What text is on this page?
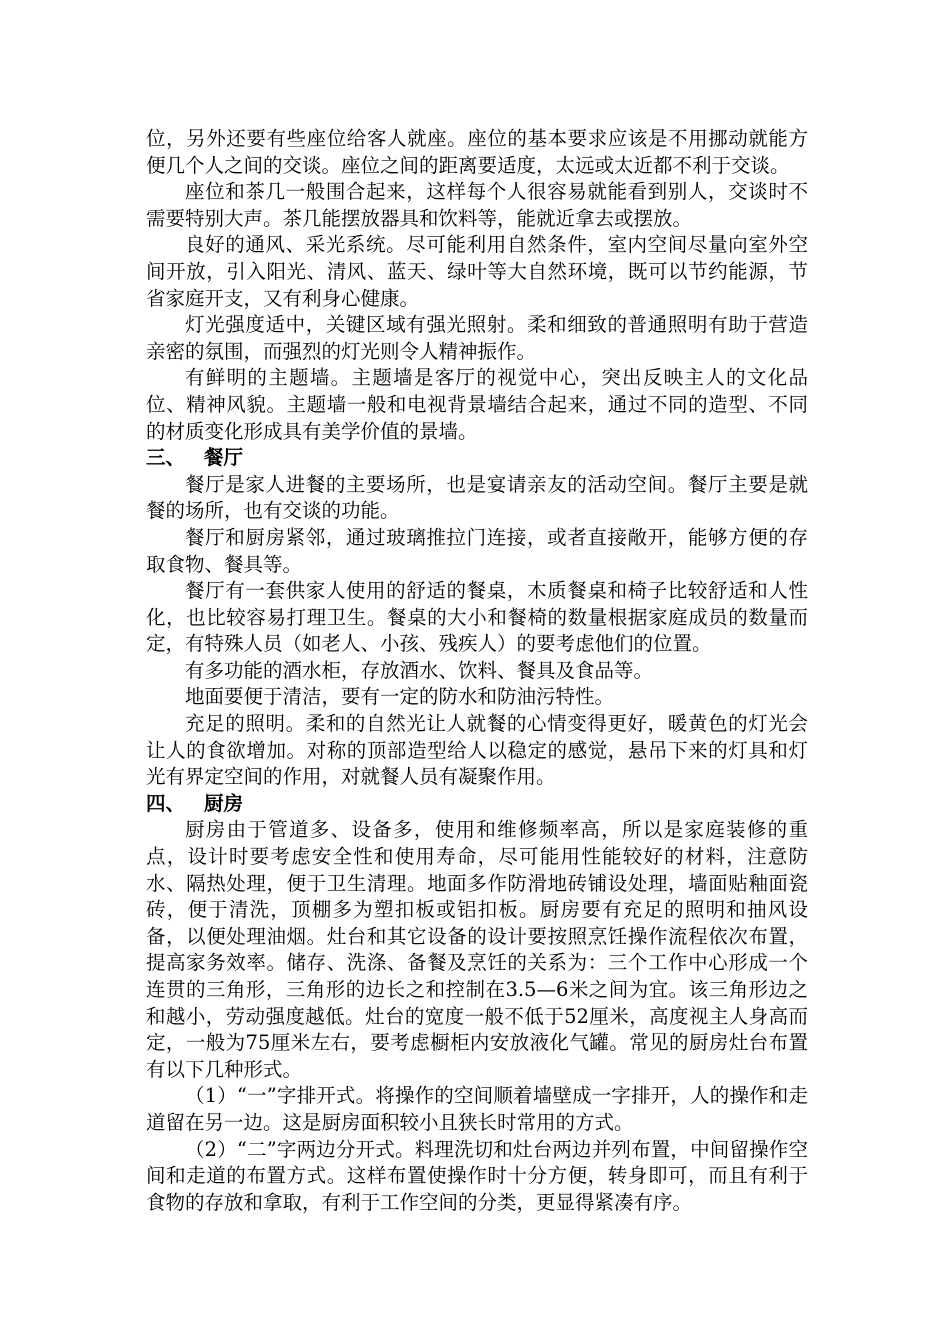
位，另外还要有些座位给客人就座。座位的基本要求应该是不用挪动就能方便几个人之间的交谈。座位之间的距离要适度，太远或太近都不利于交谈。

座位和茶几一般围合起来，这样每个人很容易就能看到别人，交谈时不需要特别大声。茶几能摆放器具和饮料等，能就近拿去或摆放。

良好的通风、采光系统。尽可能利用自然条件，室内空间尽量向室外空间开放，引入阳光、清风、蓝天、绿叶等大自然环境，既可以节约能源，节省家庭开支，又有利身心健康。

灯光强度适中，关键区域有强光照射。柔和细致的普通照明有助于营造亲密的氛围，而强烈的灯光则令人精神振作。

有鲜明的主题墙。主题墙是客厅的视觉中心，突出反映主人的文化品位、精神风貌。主题墙一般和电视背景墙结合起来，通过不同的造型、不同的材质变化形成具有美学价值的景墙。

三、 餐厅

餐厅是家人进餐的主要场所，也是宴请亲友的活动空间。餐厅主要是就餐的场所，也有交谈的功能。

餐厅和厨房紧邻，通过玻璃推拉门连接，或者直接敞开，能够方便的存取食物、餐具等。

餐厅有一套供家人使用的舒适的餐桌，木质餐桌和椅子比较舒适和人性化，也比较容易打理卫生。餐桌的大小和餐椅的数量根据家庭成员的数量而定，有特殊人员（如老人、小孩、残疾人）的要考虑他们的位置。

有多功能的酒水柜，存放酒水、饮料、餐具及食品等。

地面要便于清洁，要有一定的防水和防油污特性。

充足的照明。柔和的自然光让人就餐的心情变得更好，暖黄色的灯光会让人的食欲增加。对称的顶部造型给人以稳定的感觉，悬吊下来的灯具和灯光有界定空间的作用，对就餐人员有凝聚作用。

四、 厨房

厨房由于管道多、设备多，使用和维修频率高，所以是家庭装修的重点，设计时要考虑安全性和使用寿命，尽可能用性能较好的材料，注意防水、隔热处理，便于卫生清理。地面多作防滑地砖铺设处理，墙面贴釉面瓷砖，便于清洗，顶棚多为塑扣板或铝扣板。厨房要有充足的照明和抽风设备，以便处理油烟。灶台和其它设备的设计要按照烹饪操作流程依次布置，提高家务效率。储存、洗涤、备餐及烹饪的关系为：三个工作中心形成一个连贯的三角形，三角形的边长之和控制在3.5—6米之间为宜。该三角形边之和越小，劳动强度越低。灶台的宽度一般不低于52厘米，高度视主人身高而定，一般为75厘米左右，要考虑橱柜内安放液化气罐。常见的厨房灶台布置有以下几种形式。

（1）“一”字排开式。将操作的空间顺着墙壁成一字排开，人的操作和走道留在另一边。这是厨房面积较小且狭长时常用的方式。

（2）“二”字两边分开式。料理洗切和灶台两边并列布置，中间留操作空间和走道的布置方式。这样布置使操作时十分方便，转身即可，而且有利于食物的存放和拿取，有利于工作空间的分类，更显得紧凑有序。
